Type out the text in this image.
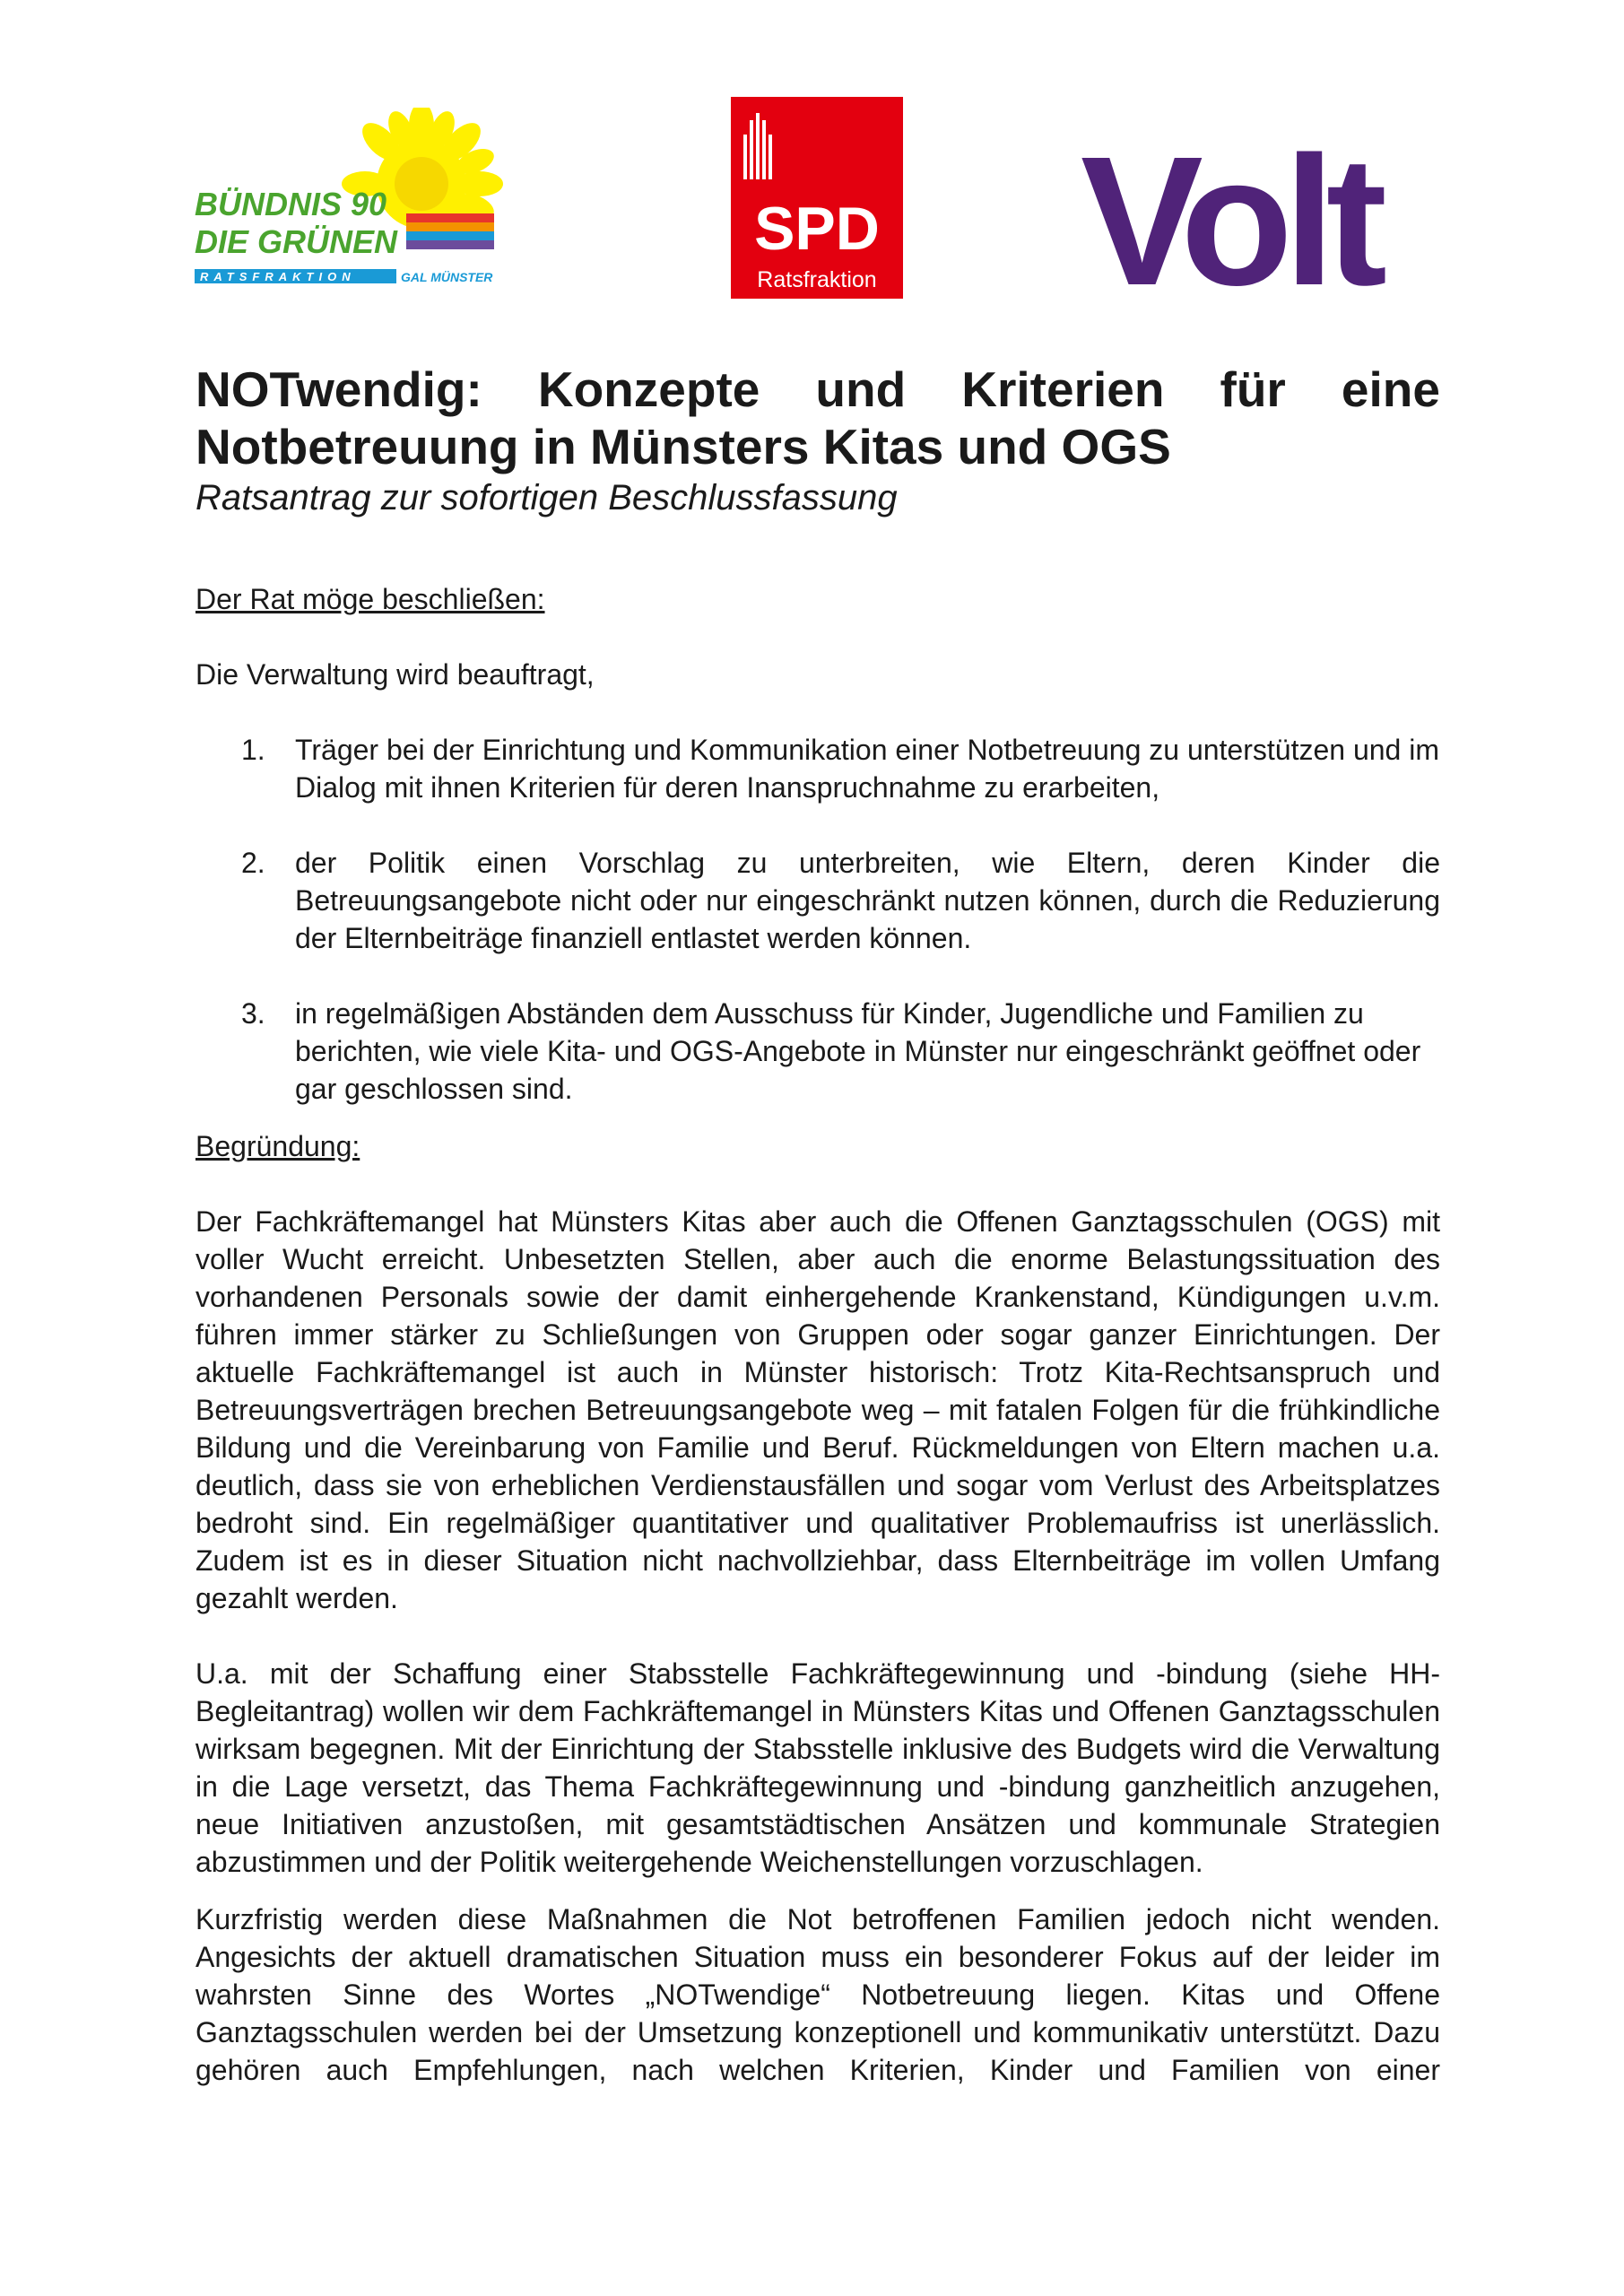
BÜNDNIS 90
DIE GRÜNEN
RATSFRAKTION	GAL MÜNSTER
SPD
Ratsfraktion Volt
NOTwendig: Konzepte und Kriterien für eine
Notbetreuung in Münsters Kitas und OGS
Ratsantrag zur sofortigen Beschlussfassung

Der Rat möge beschließen:

Die Verwaltung wird beauftragt,

1. Träger bei der Einrichtung und Kommunikation einer Notbetreuung zu unterstützen und im Dialog mit ihnen Kriterien für deren Inanspruchnahme zu erarbeiten,
2. der Politik einen Vorschlag zu unterbreiten, wie Eltern, deren Kinder die Betreuungsangebote nicht oder nur eingeschränkt nutzen können, durch die Reduzierung der Elternbeiträge finanziell entlastet werden können.
3. in regelmäßigen Abständen dem Ausschuss für Kinder, Jugendliche und Familien zu berichten, wie viele Kita- und OGS-Angebote in Münster nur eingeschränkt geöffnet oder gar geschlossen sind.

Begründung:

Der Fachkräftemangel hat Münsters Kitas aber auch die Offenen Ganztagsschulen (OGS) mit voller Wucht erreicht. Unbesetzten Stellen, aber auch die enorme Belastungssituation des vorhandenen Personals sowie der damit einhergehende Krankenstand, Kündigungen u.v.m. führen immer stärker zu Schließungen von Gruppen oder sogar ganzer Einrichtungen. Der aktuelle Fachkräftemangel ist auch in Münster historisch: Trotz Kita-Rechtsanspruch und Betreuungsverträgen brechen Betreuungsangebote weg – mit fatalen Folgen für die frühkindliche Bildung und die Vereinbarung von Familie und Beruf. Rückmeldungen von Eltern machen u.a. deutlich, dass sie von erheblichen Verdienstausfällen und sogar vom Verlust des Arbeitsplatzes bedroht sind. Ein regelmäßiger quantitativer und qualitativer Problemaufriss ist unerlässlich. Zudem ist es in dieser Situation nicht nachvollziehbar, dass Elternbeiträge im vollen Umfang gezahlt werden.

U.a. mit der Schaffung einer Stabsstelle Fachkräftegewinnung und -bindung (siehe HH-Begleitantrag) wollen wir dem Fachkräftemangel in Münsters Kitas und Offenen Ganztagsschulen wirksam begegnen. Mit der Einrichtung der Stabsstelle inklusive des Budgets wird die Verwaltung in die Lage versetzt, das Thema Fachkräftegewinnung und -bindung ganzheitlich anzugehen, neue Initiativen anzustoßen, mit gesamtstädtischen Ansätzen und kommunale Strategien abzustimmen und der Politik weitergehende Weichenstellungen vorzuschlagen.

Kurzfristig werden diese Maßnahmen die Not betroffenen Familien jedoch nicht wenden. Angesichts der aktuell dramatischen Situation muss ein besonderer Fokus auf der leider im wahrsten Sinne des Wortes „NOTwendige“ Notbetreuung liegen. Kitas und Offene Ganztagsschulen werden bei der Umsetzung konzeptionell und kommunikativ unterstützt. Dazu gehören auch Empfehlungen, nach welchen Kriterien, Kinder und Familien von einer
